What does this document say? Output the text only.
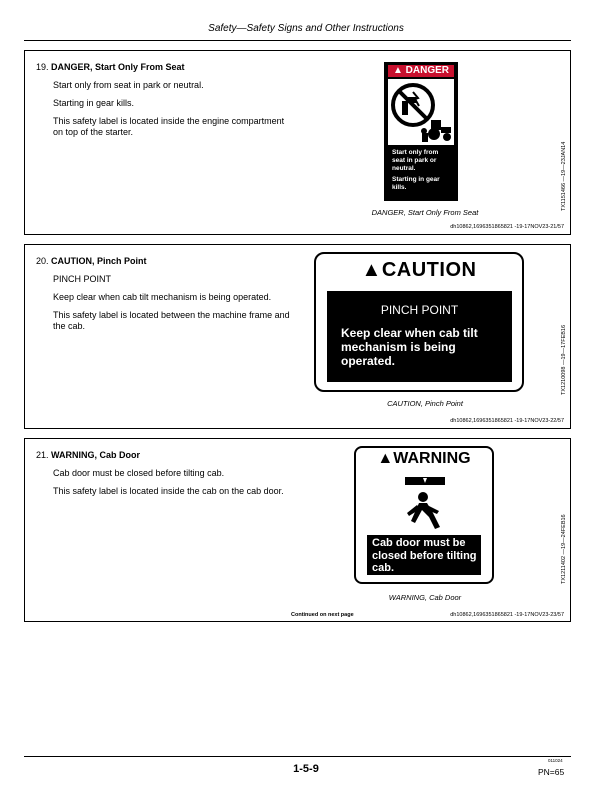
Safety—Safety Signs and Other Instructions
19. DANGER, Start Only From Seat
Start only from seat in park or neutral.
Starting in gear kills.
This safety label is located inside the engine compartment on top of the starter.
▲ DANGER
Start only from
seat in park or
neutral.
Starting in gear
kills.	TX1151466 —19—23JAN14
DANGER, Start Only From Seat
dh10862,1696351865821 -19-17NOV23-21/57
20. CAUTION, Pinch Point
PINCH POINT
Keep clear when cab tilt mechanism is being operated.
This safety label is located between the machine frame and the cab.
▲CAUTION
PINCH POINT
Keep clear when cab tilt mechanism is being operated.	TX1210098 —19—17FEB16
CAUTION, Pinch Point
dh10862,1696351865821 -19-17NOV23-22/57
21. WARNING, Cab Door
Cab door must be closed before tilting cab.
This safety label is located inside the cab on the cab door.
▲WARNING
Cab door must be closed before tilting cab.	TX1211402 —19—24FEB16
WARNING, Cab Door
Continued on next page	dh10862,1696351865821 -19-17NOV23-23/57
1-5-9
011024
PN=65
